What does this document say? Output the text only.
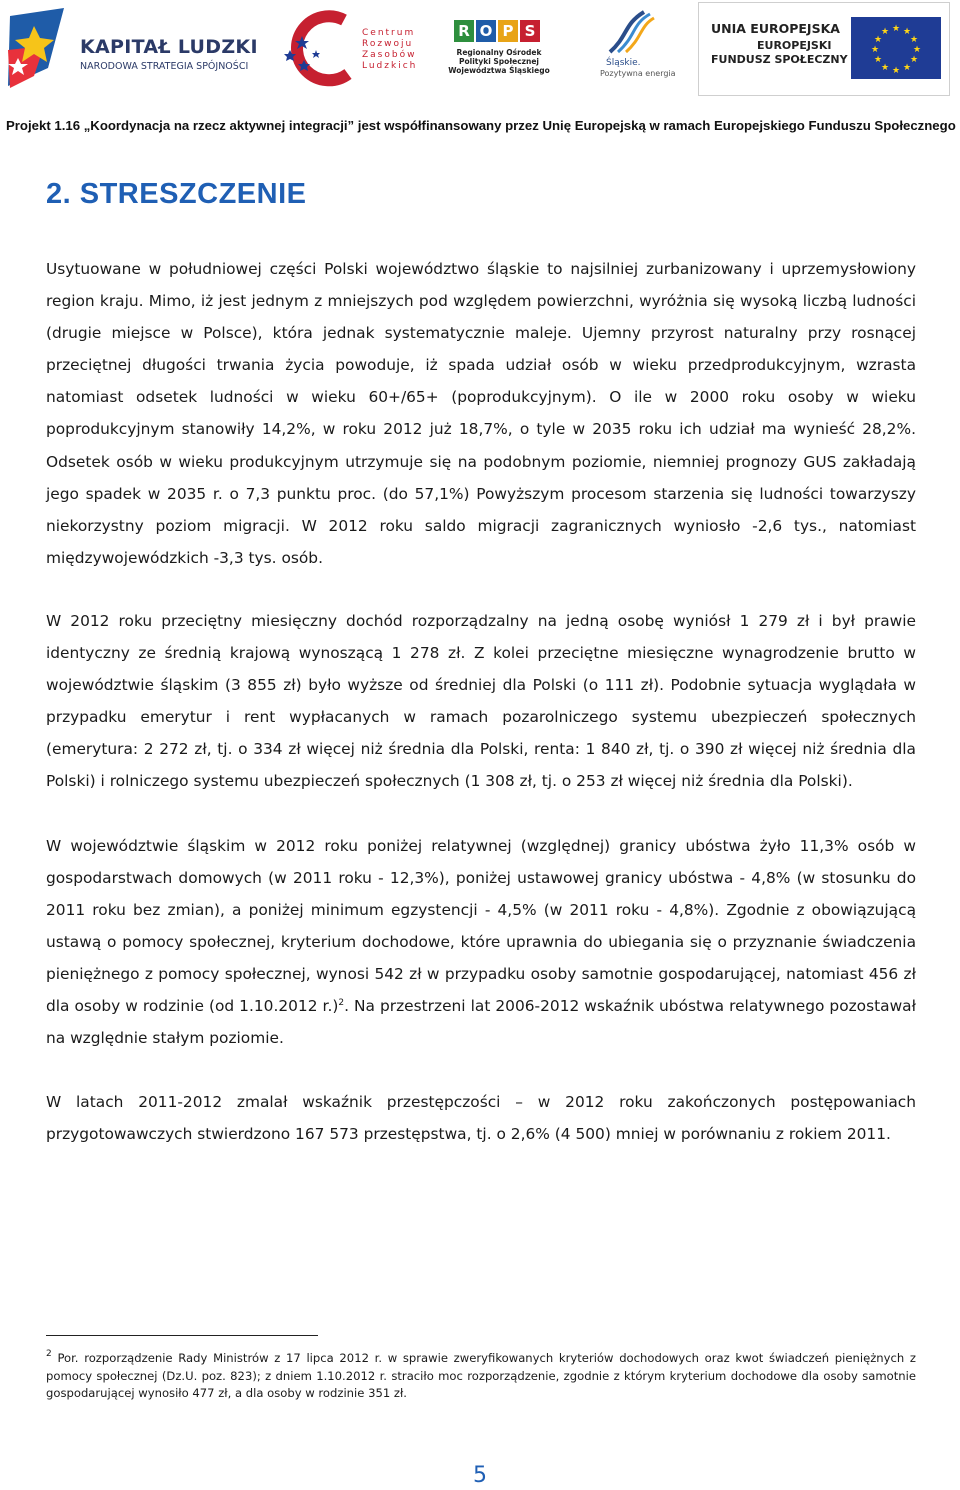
KAPITAŁ LUDZKI
NARODOWA STRATEGIA SPÓJNOŚCI
Centrum
Rozwoju
Zasobów
Ludzkich
R O P S
Regionalny Ośrodek
Polityki Społecznej
Województwa Śląskiego
Śląskie.
Pozytywna energia
UNIA EUROPEJSKA
EUROPEJSKI
FUNDUSZ SPOŁECZNY
★ ★
★
★
★
★
★
★
★
★
★
★
Projekt 1.16 „Koordynacja na rzecz aktywnej integracji” jest współfinansowany przez Unię Europejską w ramach Europejskiego Funduszu Społecznego
2. STRESZCZENIE

Usytuowane w południowej części Polski województwo śląskie to najsilniej zurbanizowany i uprzemysłowiony region kraju. Mimo, iż jest jednym z mniejszych pod względem powierzchni, wyróżnia się wysoką liczbą ludności (drugie miejsce w Polsce), która jednak systematycznie maleje. Ujemny przyrost naturalny przy rosnącej przeciętnej długości trwania życia powoduje, iż spada udział osób w wieku przedprodukcyjnym, wzrasta natomiast odsetek ludności w wieku 60+/65+ (poprodukcyjnym). O ile w 2000 roku osoby w wieku poprodukcyjnym stanowiły 14,2%, w roku 2012 już 18,7%, o tyle w 2035 roku ich udział ma wynieść 28,2%. Odsetek osób w wieku produkcyjnym utrzymuje się na podobnym poziomie, niemniej prognozy GUS zakładają jego spadek w 2035 r. o 7,3 punktu proc. (do 57,1%) Powyższym procesom starzenia się ludności towarzyszy niekorzystny poziom migracji. W 2012 roku saldo migracji zagranicznych wyniosło -2,6 tys., natomiast międzywojewódzkich -3,3 tys. osób.

W 2012 roku przeciętny miesięczny dochód rozporządzalny na jedną osobę wyniósł 1 279 zł i był prawie identyczny ze średnią krajową wynoszącą 1 278 zł. Z kolei przeciętne miesięczne wynagrodzenie brutto w województwie śląskim (3 855 zł) było wyższe od średniej dla Polski (o 111 zł). Podobnie sytuacja wyglądała w przypadku emerytur i rent wypłacanych w ramach pozarolniczego systemu ubezpieczeń społecznych (emerytura: 2 272 zł, tj. o 334 zł więcej niż średnia dla Polski, renta: 1 840 zł, tj. o 390 zł więcej niż średnia dla Polski) i rolniczego systemu ubezpieczeń społecznych (1 308 zł, tj. o 253 zł więcej niż średnia dla Polski).

W województwie śląskim w 2012 roku poniżej relatywnej (względnej) granicy ubóstwa żyło 11,3% osób w gospodarstwach domowych (w 2011 roku - 12,3%), poniżej ustawowej granicy ubóstwa - 4,8% (w stosunku do 2011 roku bez zmian), a poniżej minimum egzystencji - 4,5% (w 2011 roku - 4,8%). Zgodnie z obowiązującą ustawą o pomocy społecznej, kryterium dochodowe, które uprawnia do ubiegania się o przyznanie świadczenia pieniężnego z pomocy społecznej, wynosi 542 zł w przypadku osoby samotnie gospodarującej, natomiast 456 zł dla osoby w rodzinie (od 1.10.2012 r.)$^2$. Na przestrzeni lat 2006-2012 wskaźnik ubóstwa relatywnego pozostawał na względnie stałym poziomie.

W latach 2011-2012 zmalał wskaźnik przestępczości – w 2012 roku zakończonych postępowaniach przygotowawczych stwierdzono 167 573 przestępstwa, tj. o 2,6% (4 500) mniej w porównaniu z rokiem 2011.

$^2$ Por. rozporządzenie Rady Ministrów z 17 lipca 2012 r. w sprawie zweryfikowanych kryteriów dochodowych oraz kwot świadczeń pieniężnych z pomocy społecznej (Dz.U. poz. 823); z dniem 1.10.2012 r. straciło moc rozporządzenie, zgodnie z którym kryterium dochodowe dla osoby samotnie gospodarującej wynosiło 477 zł, a dla osoby w rodzinie 351 zł.
5
